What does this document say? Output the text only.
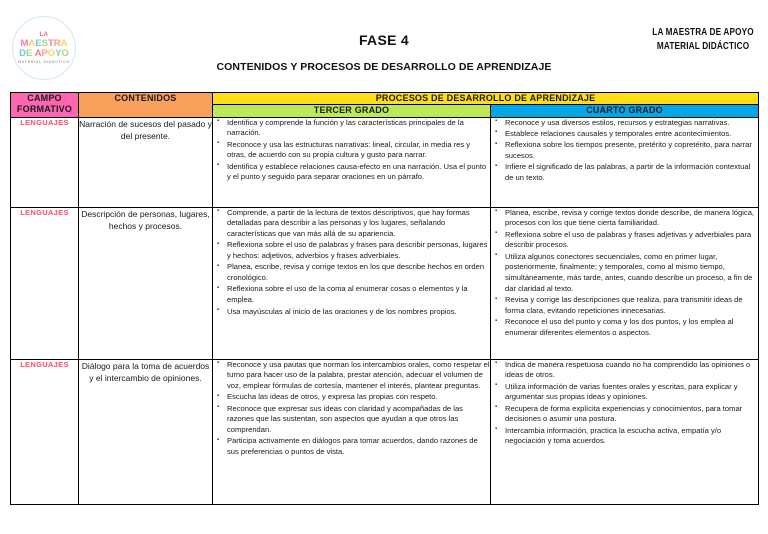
LA
MAESTRA
DE APOYO
MATERIAL DIDÁCTICO
FASE 4
CONTENIDOS Y PROCESOS DE DESARROLLO DE APRENDIZAJE
LA MAESTRA DE APOYO
MATERIAL DIDÁCTICO
CAMPO FORMATIVO	CONTENIDOS	PROCESOS DE DESARROLLO DE APRENDIZAJE	
		TERCER GRADO	CUARTO GRADO
LENGUAJES	Narración de sucesos del pasado y del presente.	
▪ Identifica y comprende la función y las características principales de la narración.
▪ Reconoce y usa las estructuras narrativas: lineal, circular, in media res y otras, de acuerdo con su propia cultura y gusto para narrar.
▪ Identifica y establece relaciones causa-efecto en una narración. Usa el punto y el punto y seguido para separar oraciones en un párrafo.

▪ Reconoce y usa diversos estilos, recursos y estrategias narrativas.
▪ Establece relaciones causales y temporales entre acontecimientos.
▪ Reflexiona sobre los tiempos presente, pretérito y copretérito, para narrar sucesos.
▪ Infiere el significado de las palabras, a partir de la información contextual de un texto.

LENGUAJES	Descripción de personas, lugares, hechos y procesos.	
▪ Comprende, a partir de la lectura de textos descriptivos, que hay formas detalladas para describir a las personas y los lugares, señalando características que van más allá de su apariencia.
▪ Reflexiona sobre el uso de palabras y frases para describir personas, lugares y hechos: adjetivos, adverbios y frases adverbiales.
▪ Planea, escribe, revisa y corrige textos en los que describe hechos en orden cronológico.
▪ Reflexiona sobre el uso de la coma al enumerar cosas o elementos y la emplea.
▪ Usa mayúsculas al inicio de las oraciones y de los nombres propios.

▪ Planea, escribe, revisa y corrige textos donde describe, de manera lógica, procesos con los que tiene cierta familiaridad.
▪ Reflexiona sobre el uso de palabras y frases adjetivas y adverbiales para describir procesos.
▪ Utiliza algunos conectores secuenciales, como en primer lugar, posteriormente, finalmente; y temporales, como al mismo tiempo, simultáneamente, más tarde, antes, cuando describe un proceso, a fin de dar claridad al texto.
▪ Revisa y corrige las descripciones que realiza, para transmitir ideas de forma clara, evitando repeticiones innecesarias.
▪ Reconoce el uso del punto y coma y los dos puntos, y los emplea al enumerar diferentes elementos o aspectos.

LENGUAJES	Diálogo para la toma de acuerdos y el intercambio de opiniones.	
▪ Reconoce y usa pautas que norman los intercambios orales, como respetar el turno para hacer uso de la palabra, prestar atención, adecuar el volumen de voz, emplear fórmulas de cortesía, mantener el interés, plantear preguntas.
▪ Escucha las ideas de otros, y expresa las propias con respeto.
▪ Reconoce que expresar sus ideas con claridad y acompañadas de las razones que las sustentan, son aspectos que ayudan a que otros las comprendan.
▪ Participa activamente en diálogos para tomar acuerdos, dando razones de sus preferencias o puntos de vista.

▪ Indica de manera respetuosa cuando no ha comprendido las opiniones o ideas de otros.
▪ Utiliza información de varias fuentes orales y escritas, para explicar y argumentar sus propias ideas y opiniones.
▪ Recupera de forma explícita experiencias y conocimientos, para tomar decisiones o asumir una postura.
▪ Intercambia información, practica la escucha activa, empatía y/o negociación y toma acuerdos.
